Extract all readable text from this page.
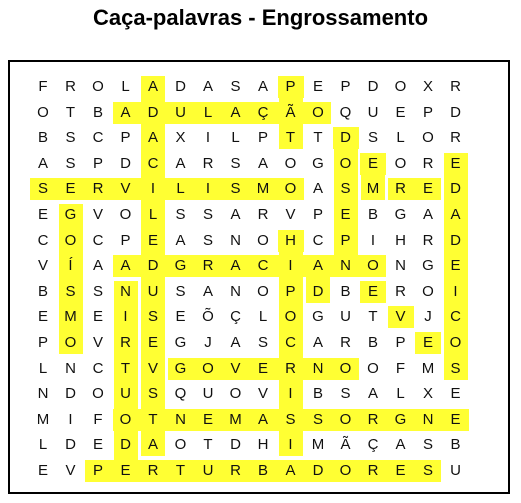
Caça-palavras - Engrossamento
F	R	O	L	A	D	A	S	A	P	E	P	D	O	X	R
O	T	B	A	D	U	L	A	Ç	Ã	O	Q	U	E	P	D
B	S	C	P	A	X	I	L	P	T	T	D	S	L	O	R
A	S	P	D	C	A	R	S	A	O	G	O	E	O	R	E
S	E	R	V	I	L	I	S	M	O	A	S	M	R	E	D
E	G	V	O	L	S	S	A	R	V	P	E	B	G	A	A
C	O	C	P	E	A	S	N	O	H	C	P	I	H	R	D
V	Í	A	A	D	G	R	A	C	I	A	N	O	N	G	E
B	S	S	N	U	S	A	N	O	P	D	B	E	R	O	I
E	M	E	I	S	E	Õ	Ç	L	O	G	U	T	V	J	C
P	O	V	R	E	G	J	A	S	C	A	R	B	P	E	O
L	N	C	T	V	G	O	V	E	R	N	O	O	F	M	S
N	D	O	U	S	Q	U	O	V	I	B	S	A	L	X	E
M	I	F	O	T	N	E	M	A	S	S	O	R	G	N	E
L	D	E	D	A	O	T	D	H	I	M	Ã	Ç	A	S	B
E	V	P	E	R	T	U	R	B	A	D	O	R	E	S	U
